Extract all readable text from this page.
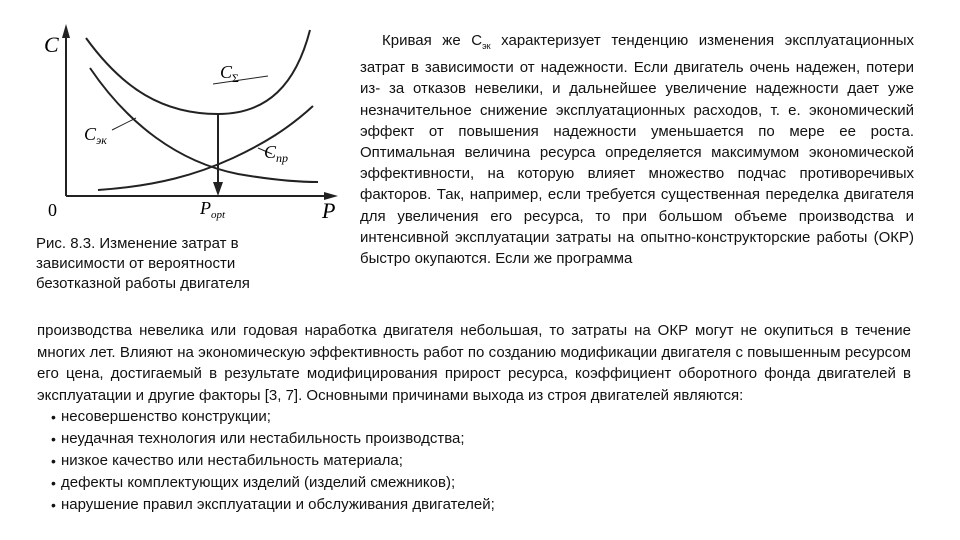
C
P
0
$C_\Sigma$
$C_{эк}$
$C_{пр}$
$P_{opt}$
Рис. 8.3. Изменение затрат в
зависимости от вероятности
безотказной работы двигателя
Кривая же $С_{эк}$ характеризует тенденцию изменения эксплуатационных затрат в зависимости от надежности. Если двигатель очень надежен, потери из- за отказов невелики, и дальнейшее увеличение надежности дает уже незначительное снижение эксплуатационных расходов, т. е. экономический эффект от повышения надежности уменьшается по мере ее роста. Оптимальная величина ресурса определяется максимумом экономической эффективности, на которую влияет множество подчас противоречивых факторов. Так, например, если требуется существенная переделка двигателя для увеличения его ресурса, то при большом объеме производства и интенсивной эксплуатации затраты на опытно-конструкторские работы (ОКР) быстро окупаются. Если же программа
производства невелика или годовая наработка двигателя небольшая, то затраты на ОКР могут не окупиться в течение многих лет. Влияют на экономическую эффективность работ по созданию модификации двигателя с повышенным ресурсом его цена, достигаемый в результате модифицирования прирост ресурса, коэффициент оборотного фонда двигателей в эксплуатации и другие факторы [3, 7]. Основными причинами выхода из строя двигателей являются:
• несовершенство конструкции;
• неудачная технология или нестабильность производства;
• низкое качество или нестабильность материала;
• дефекты комплектующих изделий (изделий смежников);
• нарушение правил эксплуатации и обслуживания двигателей;
